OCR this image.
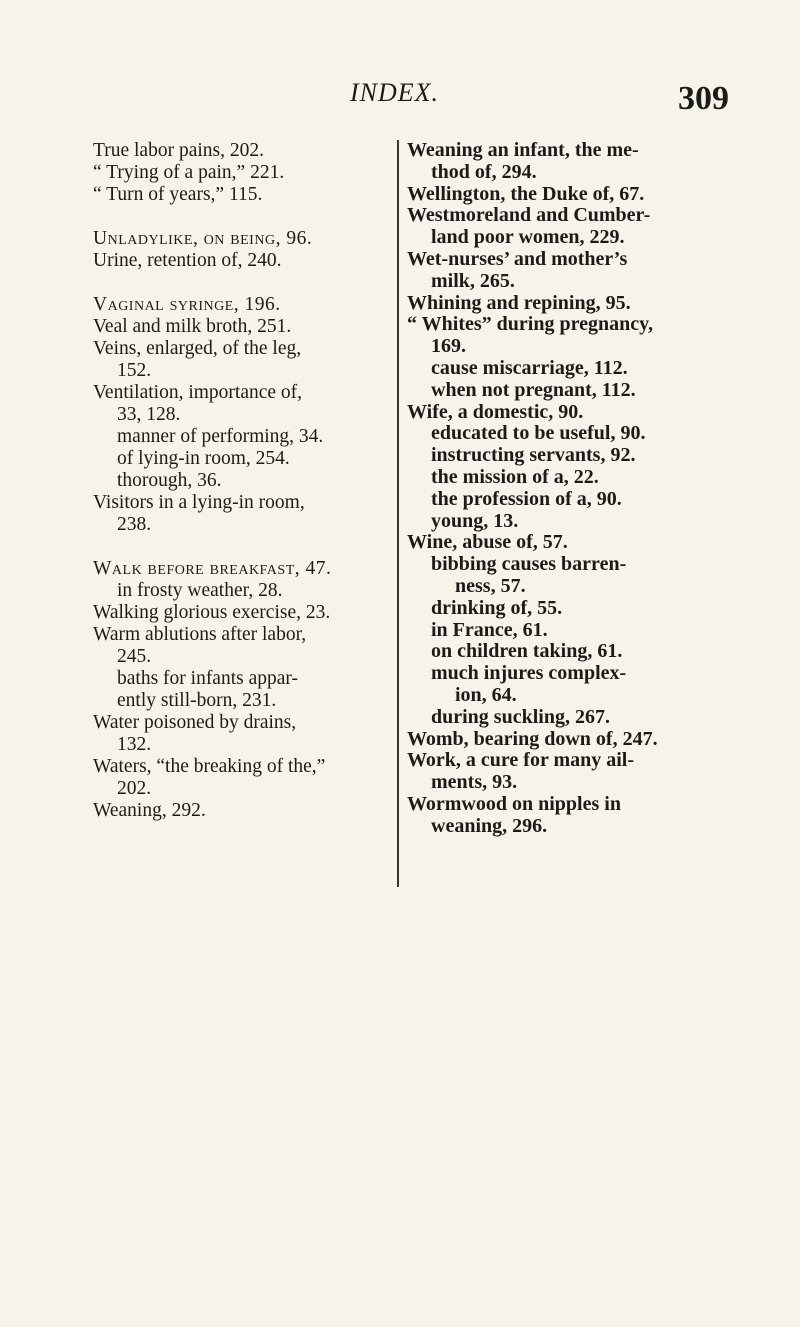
INDEX.	309
True labor pains, 202.
“ Trying of a pain,” 221.
“ Turn of years,” 115.
Unladylike, on being, 96.
Urine, retention of, 240.
Vaginal syringe, 196.
Veal and milk broth, 251.
Veins, enlarged, of the leg,
152.
Ventilation, importance of,
33, 128.
manner of performing, 34.
of lying-in room, 254.
thorough, 36.
Visitors in a lying-in room,
238.
Walk before breakfast, 47.
in frosty weather, 28.
Walking glorious exercise, 23.
Warm ablutions after labor,
245.
baths for infants appar-
ently still-born, 231.
Water poisoned by drains,
132.
Waters, “the breaking of the,”
202.
Weaning, 292.
Weaning an infant, the me-
thod of, 294.
Wellington, the Duke of, 67.
Westmoreland and Cumber-
land poor women, 229.
Wet-nurses’ and mother’s
milk, 265.
Whining and repining, 95.
“ Whites” during pregnancy,
169.
cause miscarriage, 112.
when not pregnant, 112.
Wife, a domestic, 90.
educated to be useful, 90.
instructing servants, 92.
the mission of a, 22.
the profession of a, 90.
young, 13.
Wine, abuse of, 57.
bibbing causes barren-
ness, 57.
drinking of, 55.
in France, 61.
on children taking, 61.
much injures complex-
ion, 64.
during suckling, 267.
Womb, bearing down of, 247.
Work, a cure for many ail-
ments, 93.
Wormwood on nipples in
weaning, 296.
